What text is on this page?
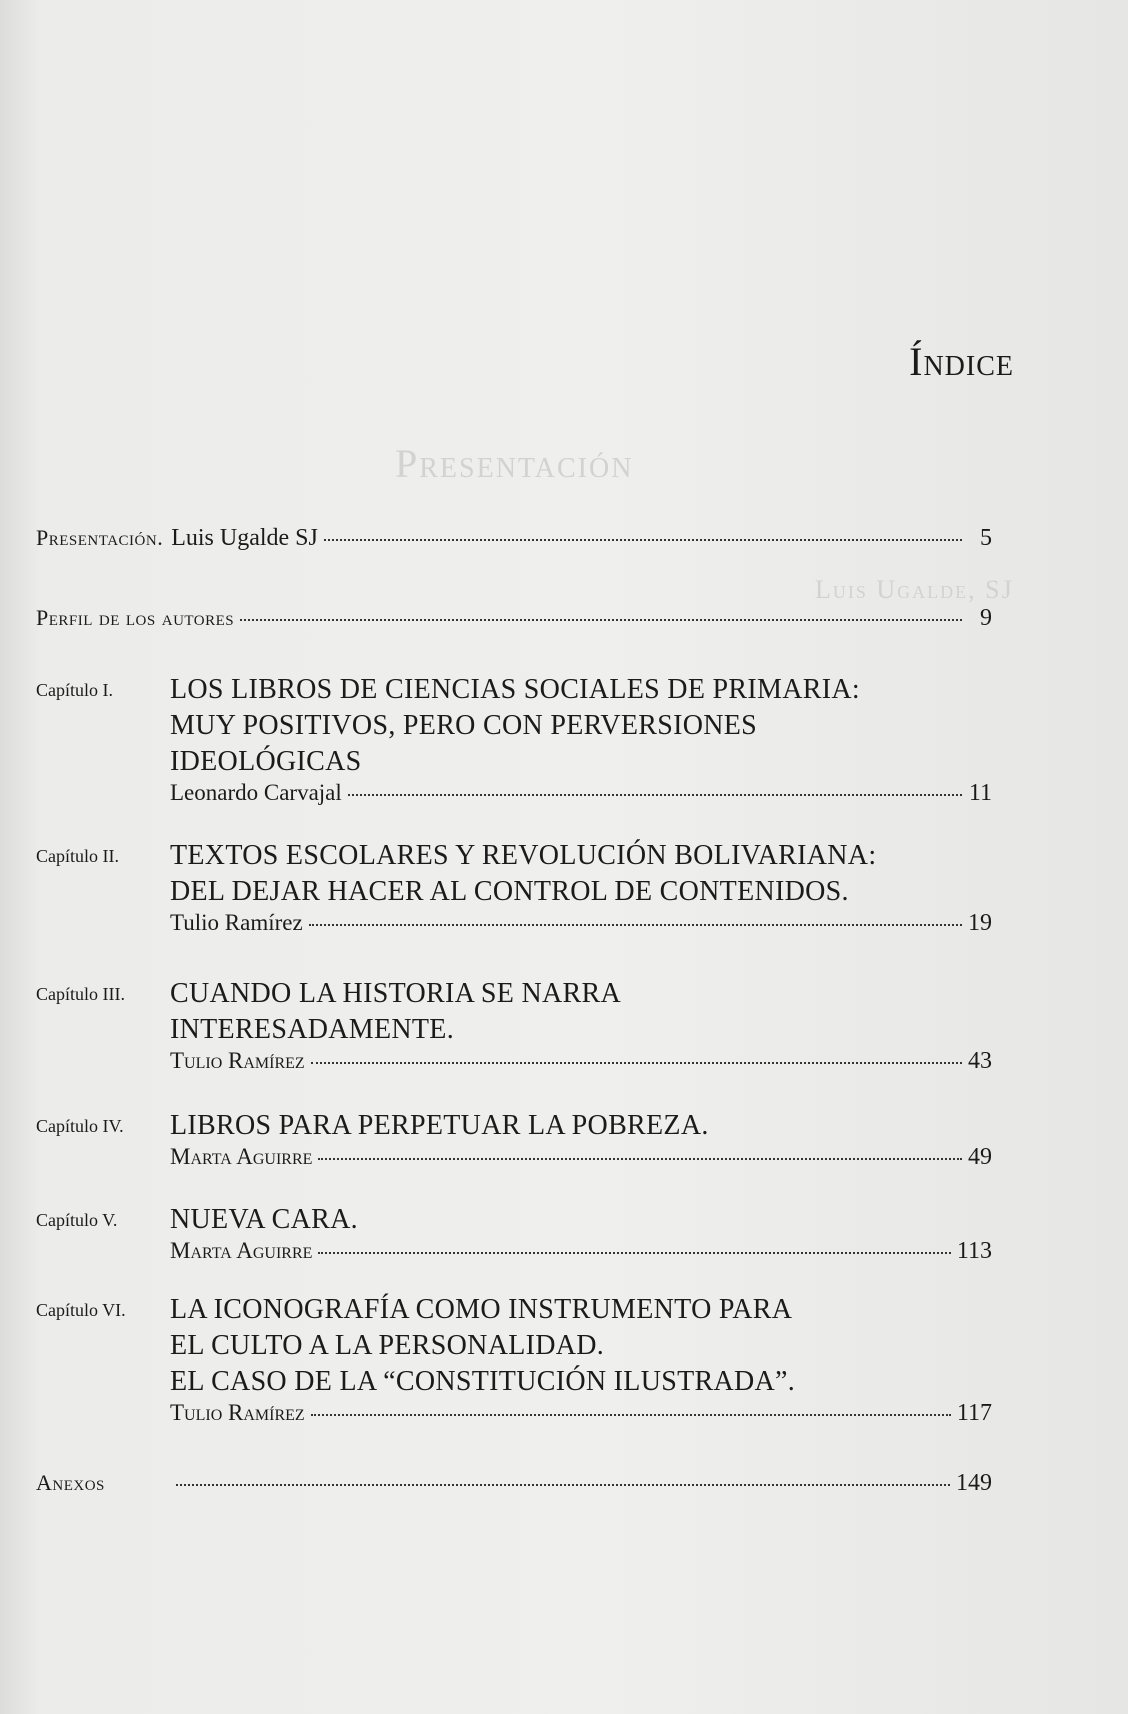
Presentación
Luis Ugalde, SJ
Índice
Presentación. Luis Ugalde SJ	5
Perfil de los autores	9
Capítulo I. LOS LIBROS DE CIENCIAS SOCIALES DE PRIMARIA:
MUY POSITIVOS, PERO CON PERVERSIONES
IDEOLÓGICAS
Leonardo Carvajal	11
Capítulo II. TEXTOS ESCOLARES Y REVOLUCIÓN BOLIVARIANA:
DEL DEJAR HACER AL CONTROL DE CONTENIDOS.
Tulio Ramírez	19
Capítulo III. CUANDO LA HISTORIA SE NARRA
INTERESADAMENTE.
Tulio Ramírez	43
Capítulo IV. LIBROS PARA PERPETUAR LA POBREZA.
Marta Aguirre	49
Capítulo V. NUEVA CARA.
Marta Aguirre	113
Capítulo VI. LA ICONOGRAFÍA COMO INSTRUMENTO PARA
EL CULTO A LA PERSONALIDAD.
EL CASO DE LA “CONSTITUCIÓN ILUSTRADA”.
Tulio Ramírez	117
Anexos	149
